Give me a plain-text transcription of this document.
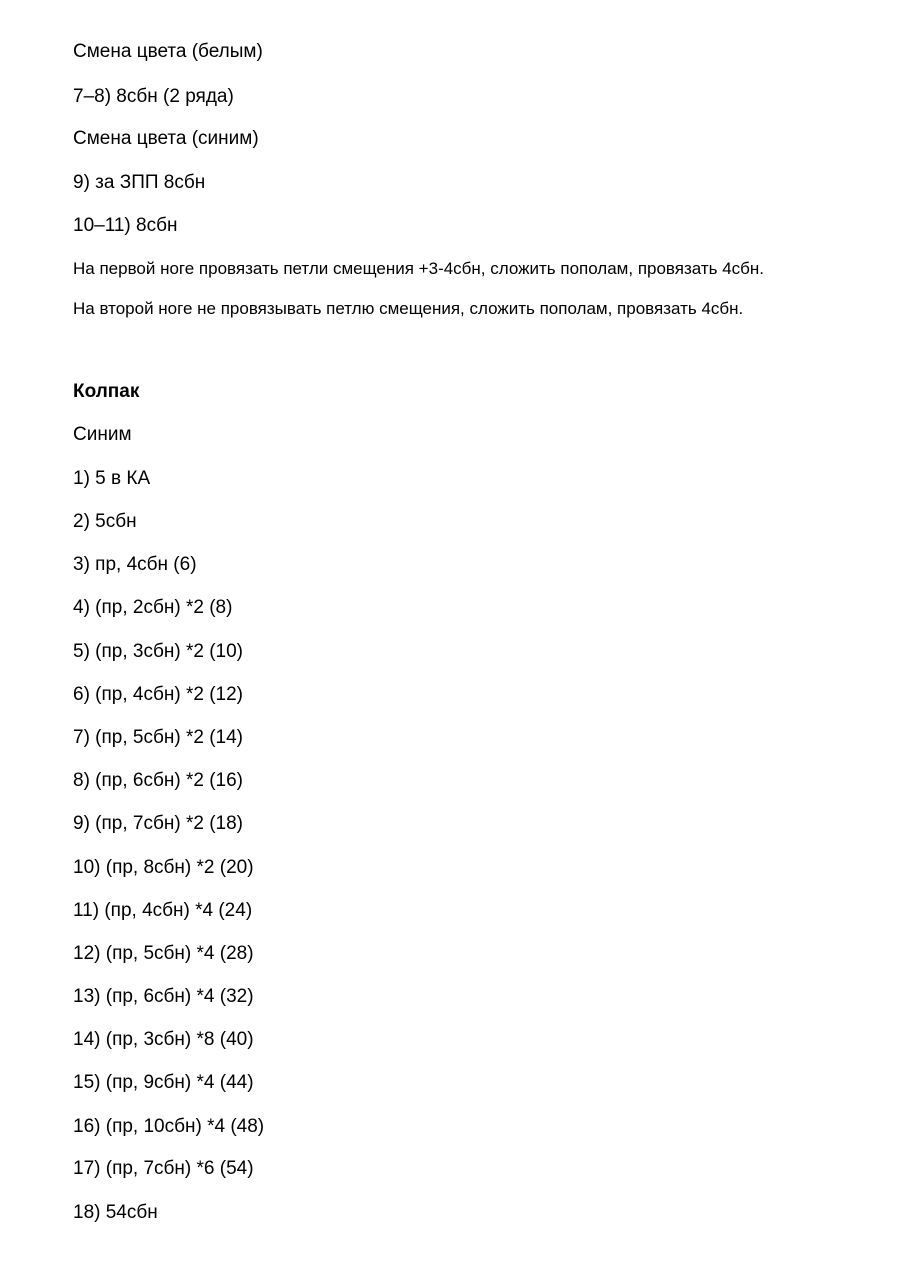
Смена цвета (белым)
7–8) 8сбн (2 ряда)
Смена цвета (синим)
9) за ЗПП 8сбн
10–11) 8сбн
На первой ноге провязать петли смещения +3-4сбн, сложить пополам, провязать 4сбн.
На второй ноге не провязывать петлю смещения, сложить пополам, провязать 4сбн.
Колпак
Синим
1) 5 в КА
2) 5сбн
3) пр, 4сбн (6)
4) (пр, 2сбн) *2 (8)
5) (пр, 3сбн) *2 (10)
6) (пр, 4сбн) *2 (12)
7) (пр, 5сбн) *2 (14)
8) (пр, 6сбн) *2 (16)
9) (пр, 7сбн) *2 (18)
10) (пр, 8сбн) *2 (20)
11) (пр, 4сбн) *4 (24)
12) (пр, 5сбн) *4 (28)
13) (пр, 6сбн) *4 (32)
14) (пр, 3сбн) *8 (40)
15) (пр, 9сбн) *4 (44)
16) (пр, 10сбн) *4 (48)
17) (пр, 7сбн) *6 (54)
18) 54сбн
